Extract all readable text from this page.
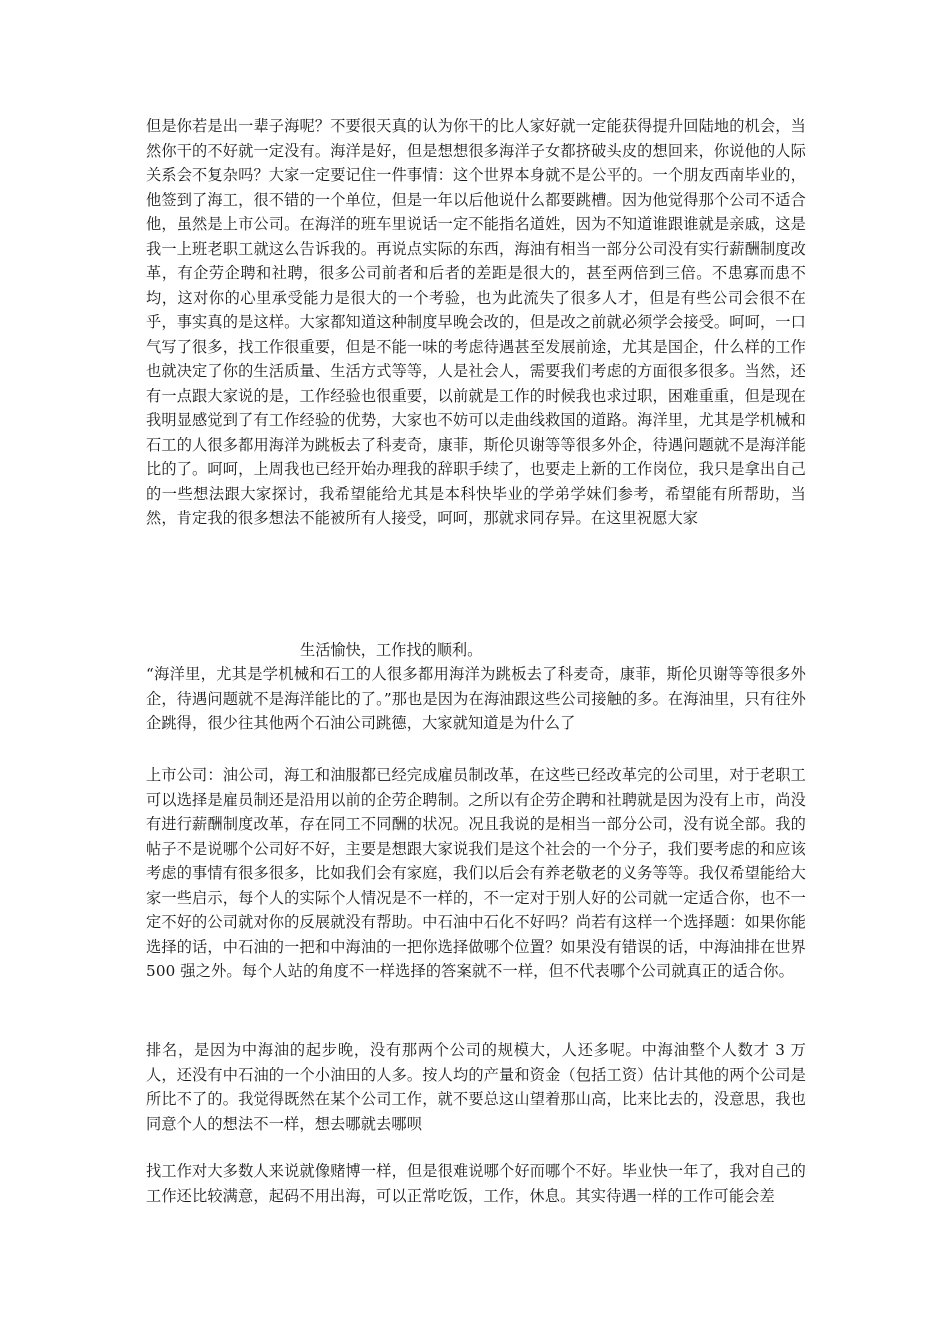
但是你若是出一辈子海呢？不要很天真的认为你干的比人家好就一定能获得提升回陆地的机会，当然你干的不好就一定没有。海洋是好，但是想想很多海洋子女都挤破头皮的想回来，你说他的人际关系会不复杂吗？大家一定要记住一件事情：这个世界本身就不是公平的。一个朋友西南毕业的，他签到了海工，很不错的一个单位，但是一年以后他说什么都要跳槽。因为他觉得那个公司不适合他，虽然是上市公司。在海洋的班车里说话一定不能指名道姓，因为不知道谁跟谁就是亲戚，这是我一上班老职工就这么告诉我的。再说点实际的东西，海油有相当一部分公司没有实行薪酬制度改革，有企劳企聘和社聘，很多公司前者和后者的差距是很大的，甚至两倍到三倍。不患寡而患不均，这对你的心里承受能力是很大的一个考验，也为此流失了很多人才，但是有些公司会很不在乎，事实真的是这样。大家都知道这种制度早晚会改的，但是改之前就必须学会接受。呵呵，一口气写了很多，找工作很重要，但是不能一味的考虑待遇甚至发展前途，尤其是国企，什么样的工作也就决定了你的生活质量、生活方式等等，人是社会人，需要我们考虑的方面很多很多。当然，还有一点跟大家说的是，工作经验也很重要，以前就是工作的时候我也求过职，困难重重，但是现在我明显感觉到了有工作经验的优势，大家也不妨可以走曲线救国的道路。海洋里，尤其是学机械和石工的人很多都用海洋为跳板去了科麦奇，康菲，斯伦贝谢等等很多外企，待遇问题就不是海洋能比的了。呵呵，上周我也已经开始办理我的辞职手续了，也要走上新的工作岗位，我只是拿出自己的一些想法跟大家探讨，我希望能给尤其是本科快毕业的学弟学妹们参考，希望能有所帮助，当然，肯定我的很多想法不能被所有人接受，呵呵，那就求同存异。在这里祝愿大家

生活愉快，工作找的顺利。

“海洋里，尤其是学机械和石工的人很多都用海洋为跳板去了科麦奇，康菲，斯伦贝谢等等很多外企，待遇问题就不是海洋能比的了。”那也是因为在海油跟这些公司接触的多。在海油里，只有往外企跳得，很少往其他两个石油公司跳德，大家就知道是为什么了

上市公司：油公司，海工和油服都已经完成雇员制改革，在这些已经改革完的公司里，对于老职工可以选择是雇员制还是沿用以前的企劳企聘制。之所以有企劳企聘和社聘就是因为没有上市，尚没有进行薪酬制度改革，存在同工不同酬的状况。况且我说的是相当一部分公司，没有说全部。我的帖子不是说哪个公司好不好，主要是想跟大家说我们是这个社会的一个分子，我们要考虑的和应该考虑的事情有很多很多，比如我们会有家庭，我们以后会有养老敬老的义务等等。我仅希望能给大家一些启示，每个人的实际个人情况是不一样的，不一定对于别人好的公司就一定适合你，也不一定不好的公司就对你的反展就没有帮助。中石油中石化不好吗？尚若有这样一个选择题：如果你能选择的话，中石油的一把和中海油的一把你选择做哪个位置？如果没有错误的话，中海油排在世界 500 强之外。每个人站的角度不一样选择的答案就不一样，但不代表哪个公司就真正的适合你。

排名，是因为中海油的起步晚，没有那两个公司的规模大，人还多呢。中海油整个人数才 3 万人，还没有中石油的一个小油田的人多。按人均的产量和资金（包括工资）估计其他的两个公司是所比不了的。我觉得既然在某个公司工作，就不要总这山望着那山高，比来比去的，没意思，我也同意个人的想法不一样，想去哪就去哪呗

找工作对大多数人来说就像赌博一样，但是很难说哪个好而哪个不好。毕业快一年了，我对自己的工作还比较满意，起码不用出海，可以正常吃饭，工作，休息。其实待遇一样的工作可能会差
